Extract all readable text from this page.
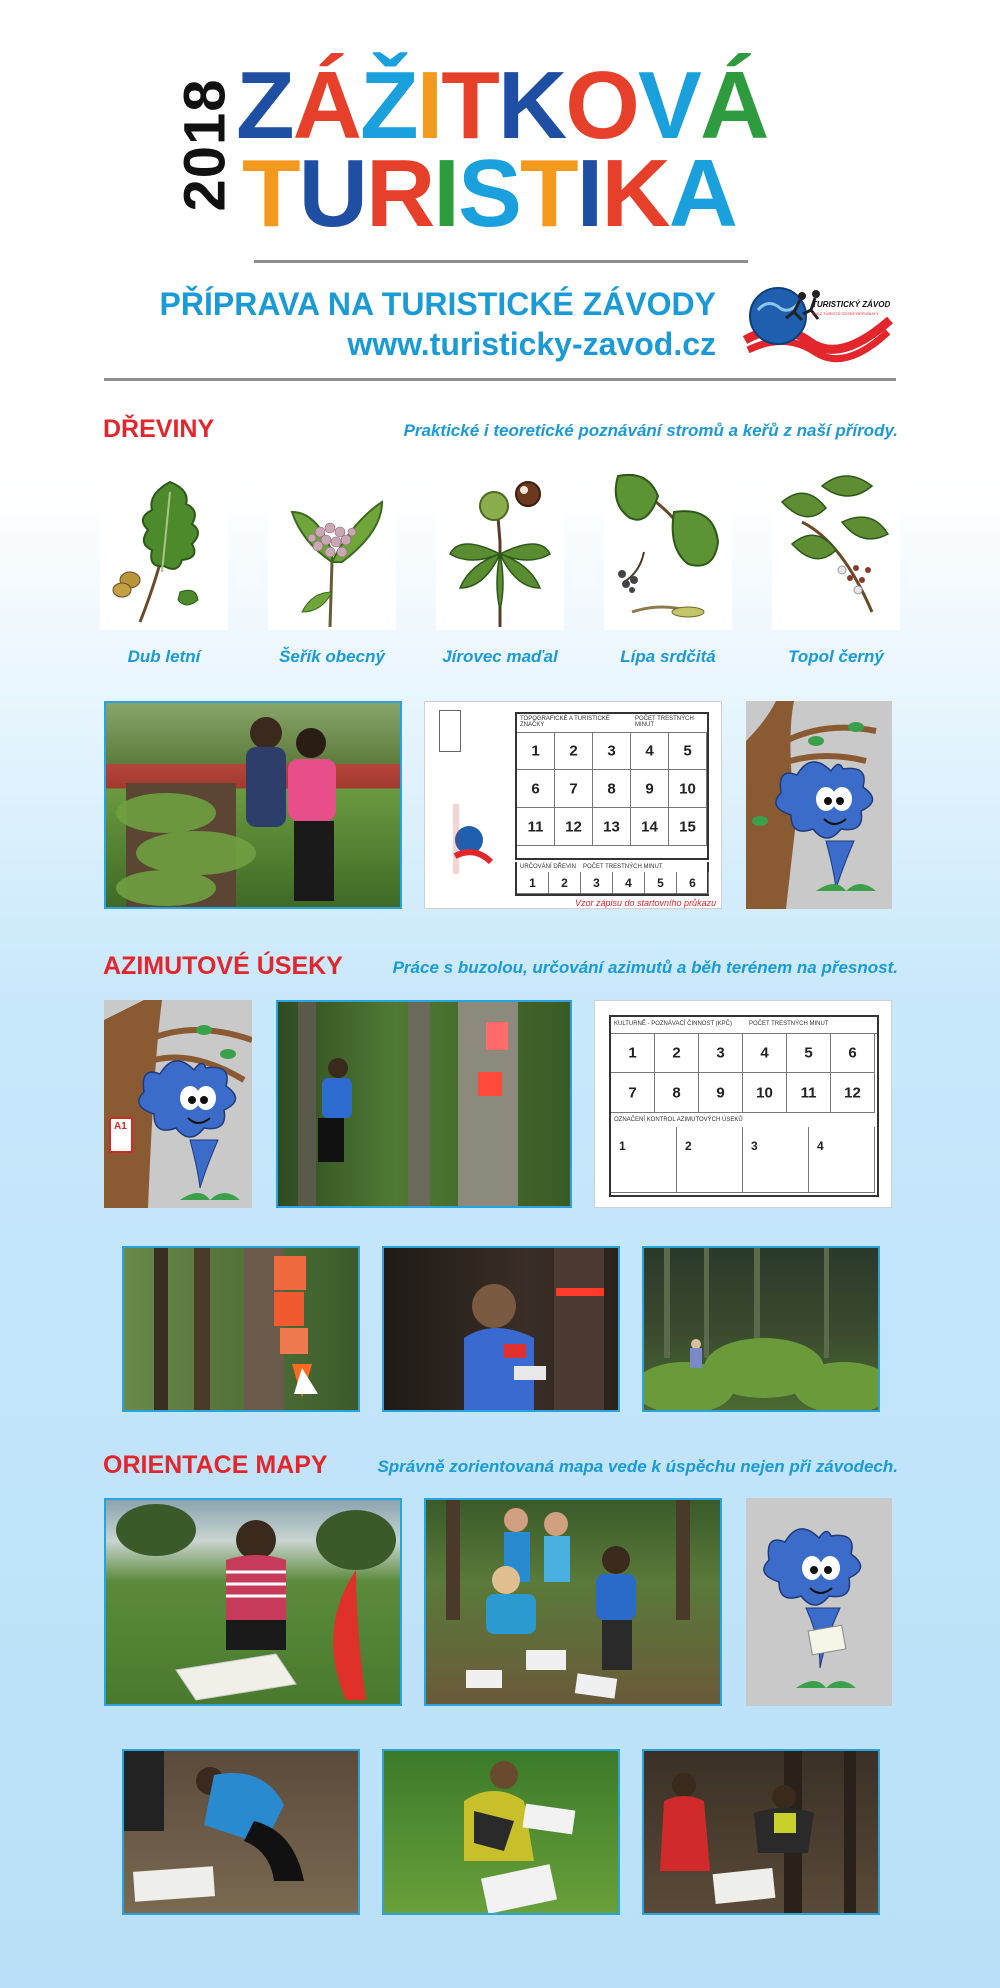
2018
ZÁŽITKOVÁ
TURISTIKA
PŘÍPRAVA NA TURISTICKÉ ZÁVODY
www.turisticky-zavod.cz
TURISTICKÝ ZÁVOD
SVAZ TURISTŮ ČESKÉ REPUBLIKY
DŘEVINY	Praktické i teoretické poznávání stromů a keřů z naší přírody.
Dub letní	Šeřík obecný	Jírovec maďal	Lípa srdčitá	Topol černý
TOPOGRAFICKÉ A TURISTICKÉ ZNAČKY
POČET TRESTNÝCH MINUT
1 2 3 4 5
6 7 8 9 10
11 12 13 14 15
URČOVÁNÍ DŘEVIN POČET TRESTNÝCH MINUT
1 2 3 4 5 6
Vzor zápisu do startovního průkazu
AZIMUTOVÉ ÚSEKY	Práce s buzolou, určování azimutů a běh terénem na přesnost.
A1
KULTURNĚ - POZNÁVACÍ ČINNOST (KPČ)	POČET TRESTNÝCH MINUT
1 2 3 4 5 6
7 8 9 10 11 12
OZNAČENÍ KONTROL AZIMUTOVÝCH ÚSEKŮ
1	2	3	4
ORIENTACE MAPY	Správně zorientovaná mapa vede k úspěchu nejen při závodech.
